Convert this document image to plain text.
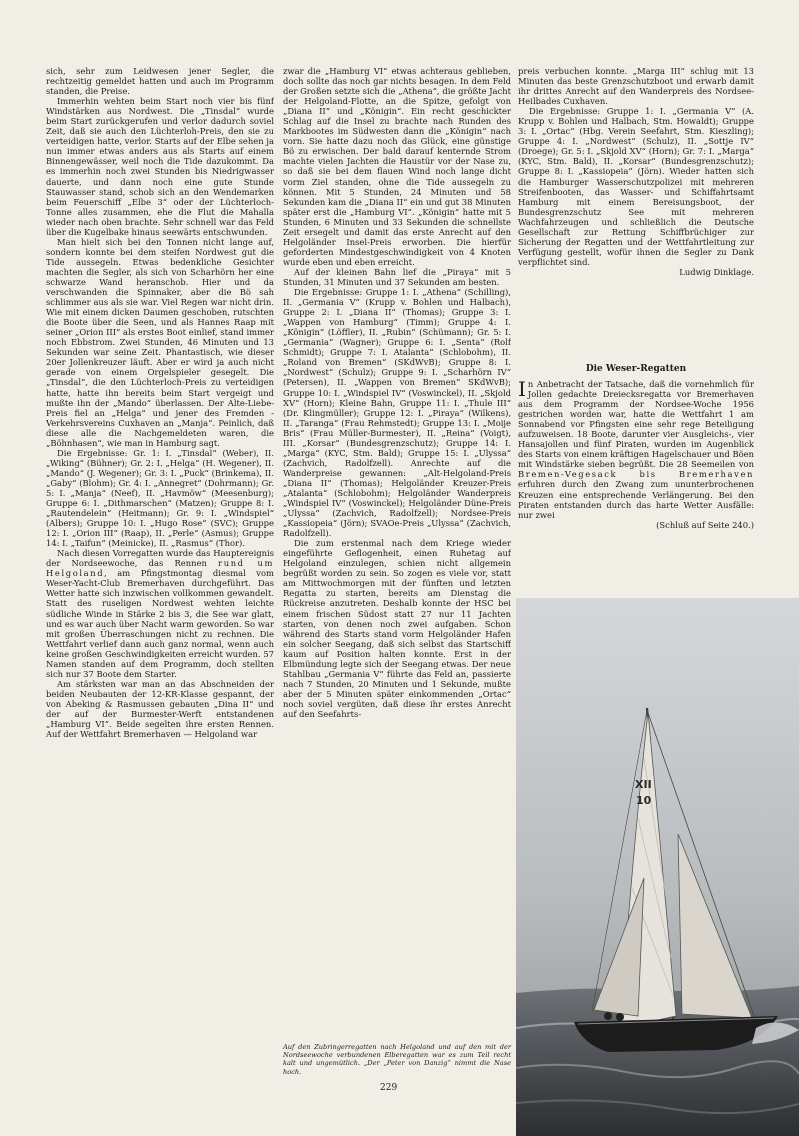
sich, sehr zum Leidwesen jener Segler, die rechtzeitig gemeldet hatten und auch im Programm standen, die Preise.

Immerhin wehten beim Start noch vier bis fünf Windstärken aus Nordwest. Die „Tinsdal“ wurde beim Start zurückgerufen und verlor dadurch soviel Zeit, daß sie auch den Lüchterloh-Preis, den sie zu verteidigen hatte, verlor. Starts auf der Elbe sehen ja nun immer etwas anders aus als Starts auf einem Binnengewässer, weil noch die Tide dazukommt. Da es immerhin noch zwei Stunden bis Niedrigwasser dauerte, und dann noch eine gute Stunde Stauwasser stand, schob sich an den Wendemarken beim Feuerschiff „Elbe 3“ oder der Lüchterloch-Tonne alles zusammen, ehe die Flut die Mahalla wieder nach oben brachte. Sehr schnell war das Feld über die Kugelbake hinaus seewärts entschwunden.

Man hielt sich bei den Tonnen nicht lange auf, sondern konnte bei dem steifen Nordwest gut die Tide aussegeln. Etwas bedenkliche Gesichter machten die Segler, als sich von Scharhörn her eine schwarze Wand heranschob. Hier und da verschwanden die Spinnaker, aber die Bö sah schlimmer aus als sie war. Viel Regen war nicht drin. Wie mit einem dicken Daumen geschoben, rutschten die Boote über die Seen, und als Hannes Raap mit seiner „Orion III“ als erstes Boot einlief, stand immer noch Ebbstrom. Zwei Stunden, 46 Minuten und 13 Sekunden war seine Zeit. Phantastisch, wie dieser 20er Jollenkreuzer läuft. Aber er wird ja auch nicht gerade von einem Orgelspieler gesegelt. Die „Tinsdal“, die den Lüchterloch-Preis zu verteidigen hatte, hatte ihn bereits beim Start vergeigt und mußte ihn der „Mando“ überlassen. Der Alte-Liebe-Preis fiel an „Helga“ und jener des Fremden - Verkehrsvereins Cuxhaven an „Manja“. Peinlich, daß diese alle die Nachgemeldeten waren, die „Böhnhasen“, wie man in Hamburg sagt.

Die Ergebnisse: Gr. 1: I. „Tinsdal“ (Weber), II. „Wiking“ (Bühner); Gr. 2: I. „Helga“ (H. Wegener), II. „Mando“ (J. Wegener); Gr. 3: I. „Puck“ (Brinkema), II. „Gaby“ (Blohm); Gr. 4: I. „Annegret“ (Dohrmann); Gr. 5: I. „Manja“ (Neef), II. „Havmöw“ (Meesenburg); Gruppe 6: I. „Dithmarschen“ (Matzen); Gruppe 8: I. „Rautendelein“ (Heitmann); Gr. 9: I. „Windspiel“ (Albers); Gruppe 10: I. „Hugo Rose“ (SVC); Gruppe 12: I. „Orion III“ (Raap), II. „Perle“ (Asmus); Gruppe 14: I. „Taifun“ (Meinicke), II. „Rasmus“ (Thor).

Nach diesen Vorregatten wurde das Hauptereignis der Nordseewoche, das Rennen rund um Helgoland, am Pfingstmontag diesmal vom Weser-Yacht-Club Bremerhaven durchgeführt. Das Wetter hatte sich inzwischen vollkommen gewandelt. Statt des ruseligen Nordwest wehten leichte südliche Winde in Stärke 2 bis 3, die See war glatt, und es war auch über Nacht warm geworden. So war mit großen Überraschungen nicht zu rechnen. Die Wettfahrt verlief dann auch ganz normal, wenn auch keine großen Geschwindigkeiten erreicht wurden. 57 Namen standen auf dem Programm, doch stellten sich nur 37 Boote dem Starter.

Am stärksten war man an das Abschneiden der beiden Neubauten der 12-KR-Klasse gespannt, der von Abeking & Rasmussen gebauten „Dina II“ und der auf der Burmester-Werft entstandenen „Hamburg VI“. Beide segelten ihre ersten Rennen. Auf der Wettfahrt Bremerhaven — Helgoland war

zwar die „Hamburg VI“ etwas achteraus geblieben, doch sollte das noch gar nichts besagen. In dem Feld der Großen setzte sich die „Athena“, die größte Jacht der Helgoland-Flotte, an die Spitze, gefolgt von „Diana II“ und „Königin“. Ein recht geschickter Schlag auf die Insel zu brachte nach Runden des Markbootes im Südwesten dann die „Königin“ nach vorn. Sie hatte dazu noch das Glück, eine günstige Bö zu erwischen. Der bald darauf kenternde Strom machte vielen Jachten die Haustür vor der Nase zu, so daß sie bei dem flauen Wind noch lange dicht vorm Ziel standen, ohne die Tide aussegeln zu können. Mit 5 Stunden, 24 Minuten und 58 Sekunden kam die „Diana II“ ein und gut 38 Minuten später erst die „Hamburg VI“. „Königin“ hatte mit 5 Stunden, 6 Minuten und 33 Sekunden die schnellste Zeit ersegelt und damit das erste Anrecht auf den Helgoländer Insel-Preis erworben. Die hierfür geforderten Mindestgeschwindigkeit von 4 Knoten wurde eben und eben erreicht.

Auf der kleinen Bahn lief die „Piraya“ mit 5 Stunden, 31 Minuten und 37 Sekunden am besten.

Die Ergebnisse: Gruppe 1: I. „Athena“ (Schilling), II. „Germania V“ (Krupp v. Bohlen und Halbach), Gruppe 2: I. „Diana II“ (Thomas); Gruppe 3: I. „Wappen von Hamburg“ (Timm); Gruppe 4: I. „Königin“ (Löffler), II. „Rubin“ (Schümann); Gr. 5: I. „Germania“ (Wagner); Gruppe 6: I. „Senta“ (Rolf Schmidt); Gruppe 7: I. Atalanta“ (Schlobohm), II. „Roland von Bremen“ (SKdWvB); Gruppe 8: I. „Nordwest“ (Schulz); Gruppe 9: I. „Scharhörn IV“ (Petersen), II. „Wappen von Bremen“ SKdWvB); Gruppe 10: I. „Windspiel IV“ (Voswinckel), II. „Skjold XV“ (Horn); Kleine Bahn, Gruppe 11: I. „Thule III“ (Dr. Klingmüller); Gruppe 12: I. „Piraya“ (Wilkens), II. „Taranga“ (Frau Rehmstedt); Gruppe 13: I. „Moije Bris“ (Frau Müller-Burmester), II. „Reina“ (Voigt), III. „Korsar“ (Bundesgrenzschutz); Gruppe 14: I. „Marga“ (KYC, Stm. Bald); Gruppe 15: I. „Ulyssa“ (Zachvich, Radolfzell). Anrechte auf die Wanderpreise gewannen: „Alt-Helgoland-Preis „Diana II“ (Thomas); Helgoländer Kreuzer-Preis „Atalanta“ (Schlobohm); Helgoländer Wanderpreis „Windspiel IV“ (Voswinckel); Helgoländer Düne-Preis „Ulyssa“ (Zachvich, Radolfzell); Nordsee-Preis „Kassiopeia“ (Jörn); SVAOe-Preis „Ulyssa“ (Zachvich, Radolfzell).

Die zum erstenmal nach dem Kriege wieder eingeführte Geflogenheit, einen Ruhetag auf Helgoland einzulegen, schien nicht allgemein begrüßt worden zu sein. So zogen es viele vor, statt am Mittwochmorgen mit der fünften und letzten Regatta zu starten, bereits am Dienstag die Rückreise anzutreten. Deshalb konnte der HSC bei einem frischen Südost statt 27 nur 11 Jachten starten, von denen noch zwei aufgaben. Schon während des Starts stand vorm Helgoländer Hafen ein solcher Seegang, daß sich selbst das Startschiff kaum auf Position halten konnte. Erst in der Elbmündung legte sich der Seegang etwas. Der neue Stahlbau „Germania V“ führte das Feld an, passierte nach 7 Stunden, 20 Minuten und 1 Sekunde, mußte aber der 5 Minuten später einkommenden „Ortac“ noch soviel vergüten, daß diese ihr erstes Anrecht auf den Seefahrts-

preis verbuchen konnte. „Marga III“ schlug mit 13 Minuten das beste Grenzschutzboot und erwarb damit ihr drittes Anrecht auf den Wanderpreis des Nordsee-Heilbades Cuxhaven.

Die Ergebnisse: Gruppe 1: I. „Germania V“ (A. Krupp v. Bohlen und Halbach, Stm. Howaldt); Gruppe 3: I. „Ortac“ (Hbg. Verein Seefahrt, Stm. Kieszling); Gruppe 4: I. „Nordwest“ (Schulz), II. „Sottje IV“ (Droege); Gr. 5: I. „Skjold XV“ (Horn); Gr. 7: I. „Marga“ (KYC, Stm. Bald), II. „Korsar“ (Bundesgrenzschutz); Gruppe 8: I. „Kassiopeia“ (Jörn). Wieder hatten sich die Hamburger Wasserschutzpolizei mit mehreren Streifenbooten, das Wasser- und Schiffahrtsamt Hamburg mit einem Bereisungsboot, der Bundesgrenzschutz See mit mehreren Wachfahrzeugen und schließlich die Deutsche Gesellschaft zur Rettung Schiffbrüchiger zur Sicherung der Regatten und der Wettfahrtleitung zur Verfügung gestellt, wofür ihnen die Segler zu Dank verpflichtet sind.

Ludwig Dinklage.
Die Weser-Regatten

In Anbetracht der Tatsache, daß die vornehmlich für Jollen gedachte Dreiecksregatta vor Bremerhaven aus dem Programm der Nordsee-Woche 1956 gestrichen worden war, hatte die Wettfahrt 1 am Sonnabend vor Pfingsten eine sehr rege Beteiligung aufzuweisen. 18 Boote, darunter vier Ausgleichs-, vier Hansajollen und fünf Piraten, wurden im Augenblick des Starts von einem kräftigen Hagelschauer und Böen mit Windstärke sieben begrüßt. Die 28 Seemeilen von Bremen-Vegesack bis Bremerhaven erfuhren durch den Zwang zum ununterbrochenen Kreuzen eine entsprechende Verlängerung. Bei den Piraten entstanden durch das harte Wetter Ausfälle: nur zwei

(Schluß auf Seite 240.)
Auf den Zubringerregatten nach Helgoland und auf den mit der Nordseewoche verbundenen Elberegatten war es zum Teil recht kalt und ungemütlich. „Der „Peter von Danzig“ nimmt die Nase hoch.
229
XII
10
